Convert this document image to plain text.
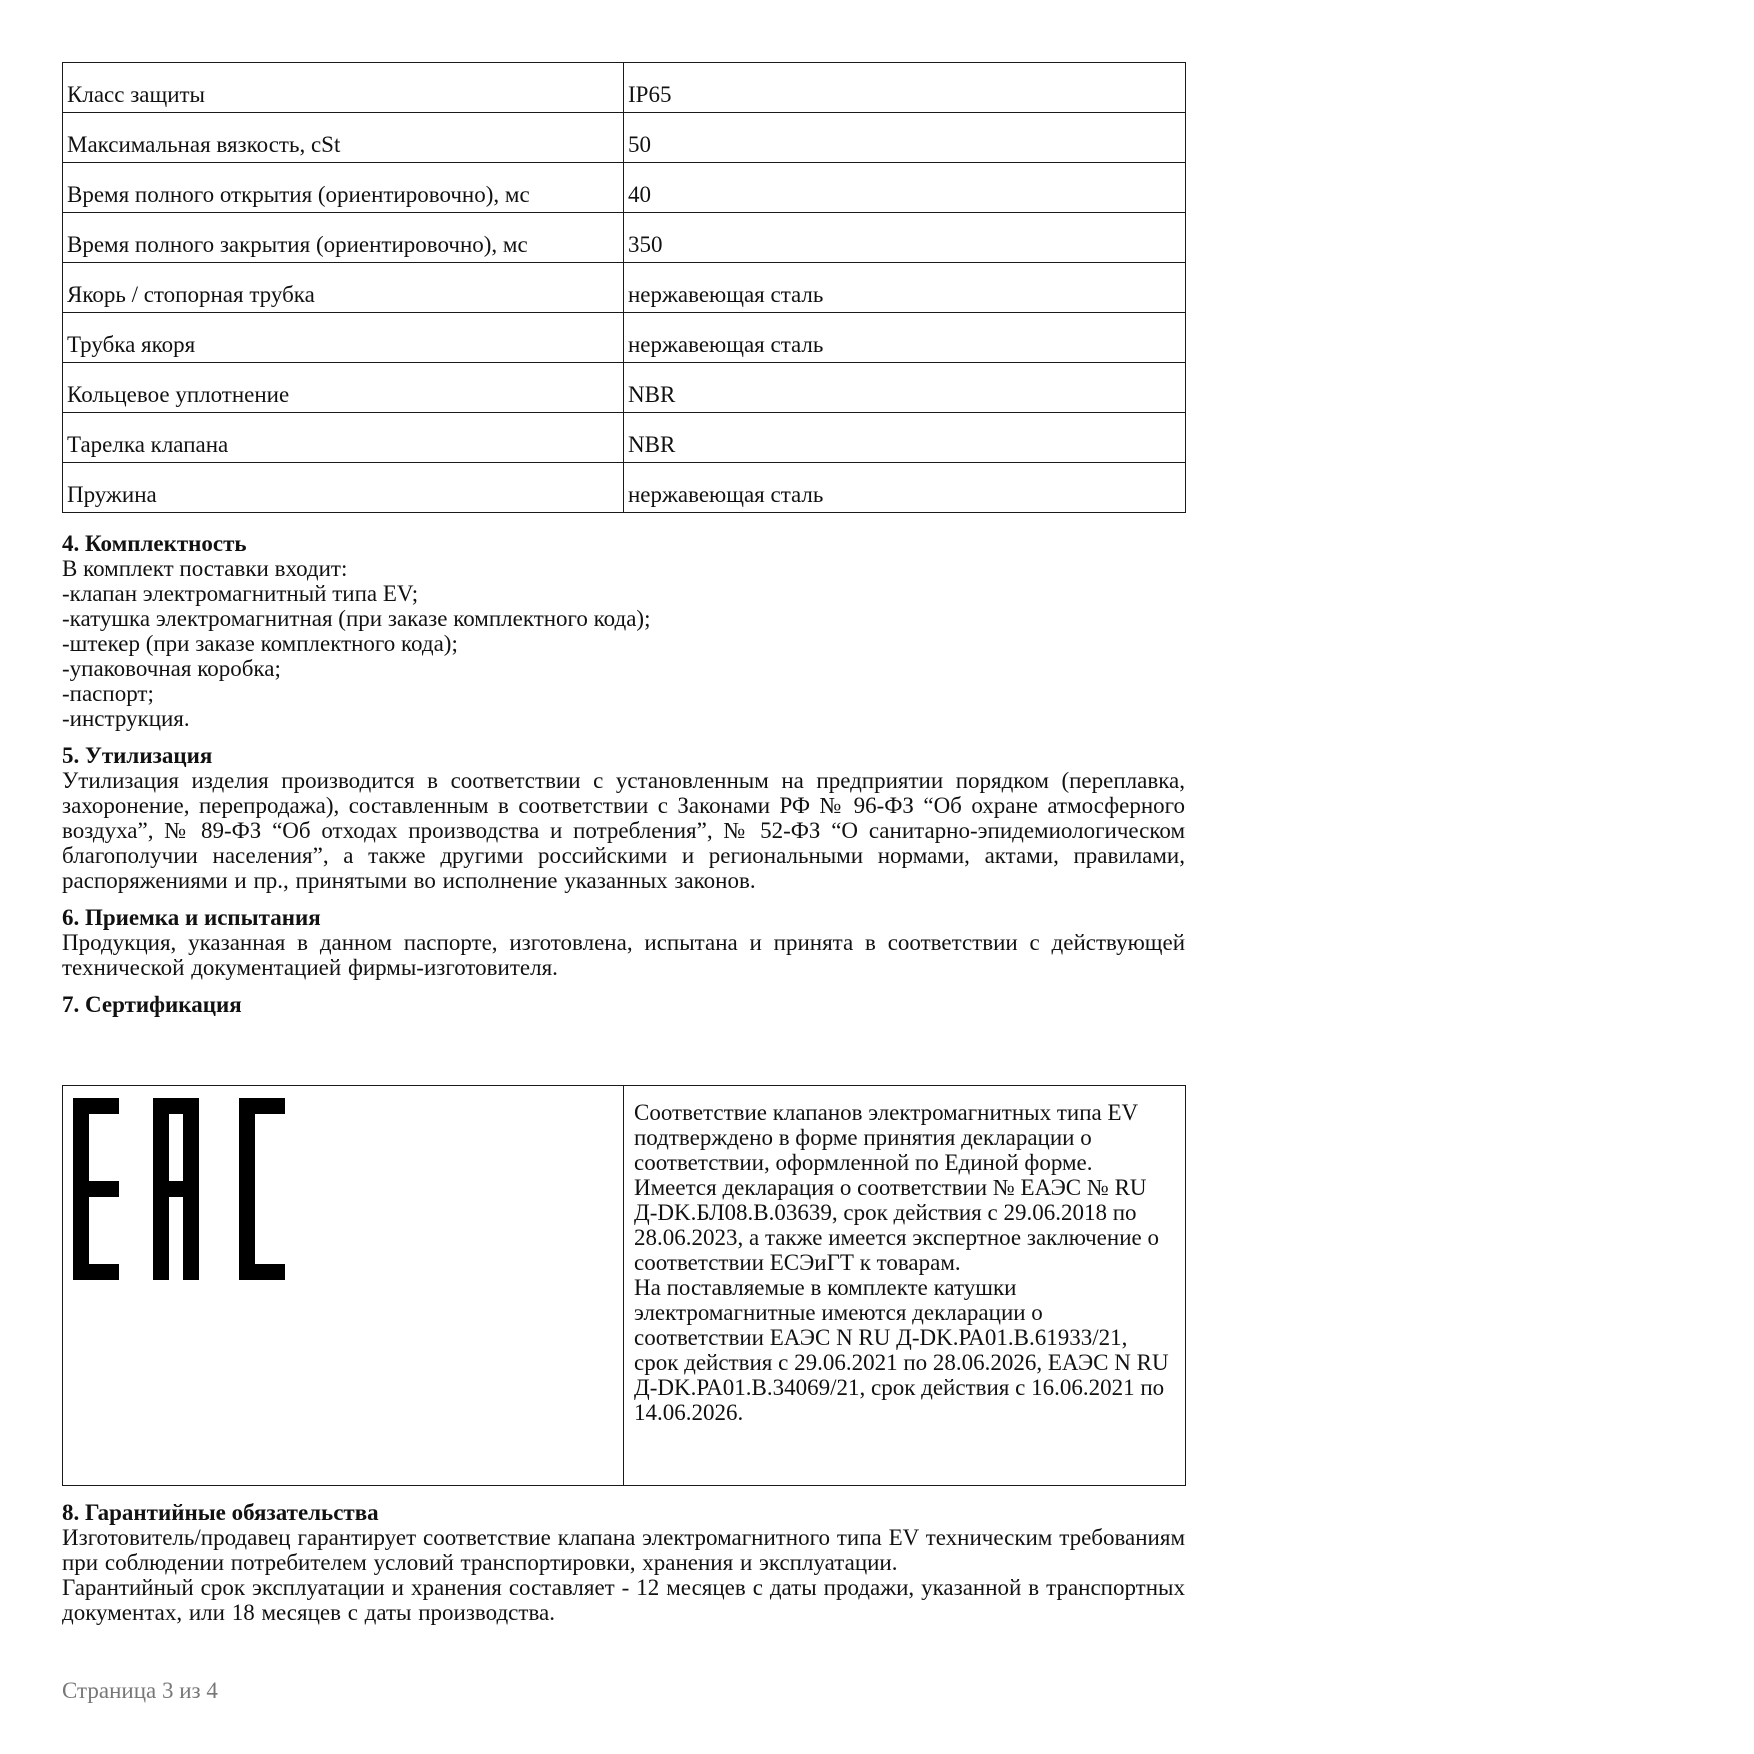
Класс защиты	IP65
Максимальная вязкость, cSt	50
Время полного открытия (ориентировочно), мс	40
Время полного закрытия (ориентировочно), мс	350
Якорь / стопорная трубка	нержавеющая сталь
Трубка якоря	нержавеющая сталь
Кольцевое уплотнение	NBR
Тарелка клапана	NBR
Пружина	нержавеющая сталь
4. Комплектность
В комплект поставки входит:
-клапан электромагнитный типа EV;
-катушка электромагнитная (при заказе комплектного кода);
-штекер (при заказе комплектного кода);
-упаковочная коробка;
-паспорт;
-инструкция.
5. Утилизация
Утилизация изделия производится в соответствии с установленным на предприятии порядком (переплавка, захоронение, перепродажа), составленным в соответствии с Законами РФ № 96-ФЗ “Об охране атмосферного воздуха”, № 89-ФЗ “Об отходах производства и потребления”, № 52-ФЗ “О санитарно-эпидемиологическом благополучии населения”, а также другими российскими и региональными нормами, актами, правилами, распоряжениями и пр., принятыми во исполнение указанных законов.
6. Приемка и испытания
Продукция, указанная в данном паспорте, изготовлена, испытана и принята в соответствии с действующей технической документацией фирмы-изготовителя.
7. Сертификация

Соответствие клапанов электромагнитных типа EV подтверждено в форме принятия декларации о соответствии, оформленной по Единой форме. Имеется декларация о соответствии № ЕАЭС № RU Д-DK.БЛ08.В.03639, срок действия с 29.06.2018 по 28.06.2023, а также имеется экспертное заключение о соответствии ЕСЭиГТ к товарам.
На поставляемые в комплекте катушки электромагнитные имеются декларации о соответствии ЕАЭС N RU Д-DK.РА01.В.61933/21, срок действия с 29.06.2021 по 28.06.2026, ЕАЭС N RU Д-DK.РА01.В.34069/21, срок действия с 16.06.2021 по 14.06.2026.
8. Гарантийные обязательства
Изготовитель/продавец гарантирует соответствие клапана электромагнитного типа EV техническим требованиям при соблюдении потребителем условий транспортировки, хранения и эксплуатации.
Гарантийный срок эксплуатации и хранения составляет - 12 месяцев с даты продажи, указанной в транспортных документах, или 18 месяцев с даты производства.
Страница 3 из 4
